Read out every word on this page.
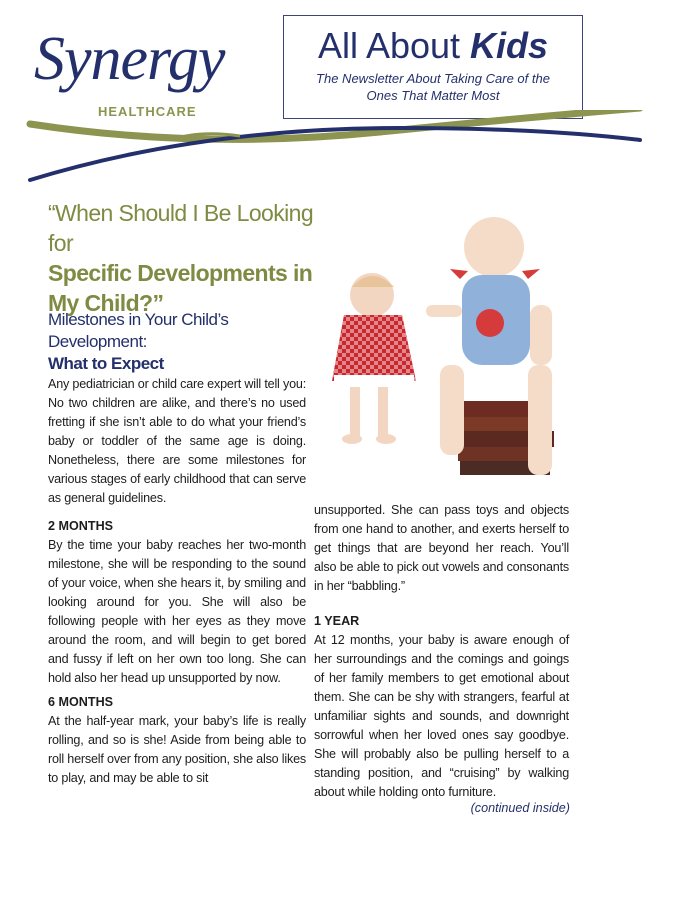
Synergy
HEALTHCARE
All About Kids
The Newsletter About Taking Care of the
Ones That Matter Most
“When Should I Be Looking for
Specific Developments in
My Child?”
Milestones in Your Child’s Development:
What to Expect
Any pediatrician or child care expert will tell you: No two children are alike, and there’s no used fretting if she isn’t able to do what your friend’s baby or toddler of the same age is doing. Nonetheless, there are some milestones for various stages of early childhood that can serve as general guidelines.
2 MONTHS
By the time your baby reaches her two-month milestone, she will be responding to the sound of your voice, when she hears it, by smiling and looking around for you. She will also be following people with her eyes as they move around the room, and will begin to get bored and fussy if left on her own too long. She can hold also her head up unsupported by now.
6 MONTHS
At the half-year mark, your baby’s life is really rolling, and so is she! Aside from being able to roll herself over from any position, she also likes to play, and may be able to sit
unsupported. She can pass toys and objects from one hand to another, and exerts herself to get things that are beyond her reach. You’ll also be able to pick out vowels and consonants in her “babbling.”
1 YEAR
At 12 months, your baby is aware enough of her surroundings and the comings and goings of her family members to get emotional about them. She can be shy with strangers, fearful at unfamiliar sights and sounds, and downright sorrowful when her loved ones say goodbye. She will probably also be pulling herself to a standing position, and “cruising” by walking about while holding onto furniture.
(continued inside)
